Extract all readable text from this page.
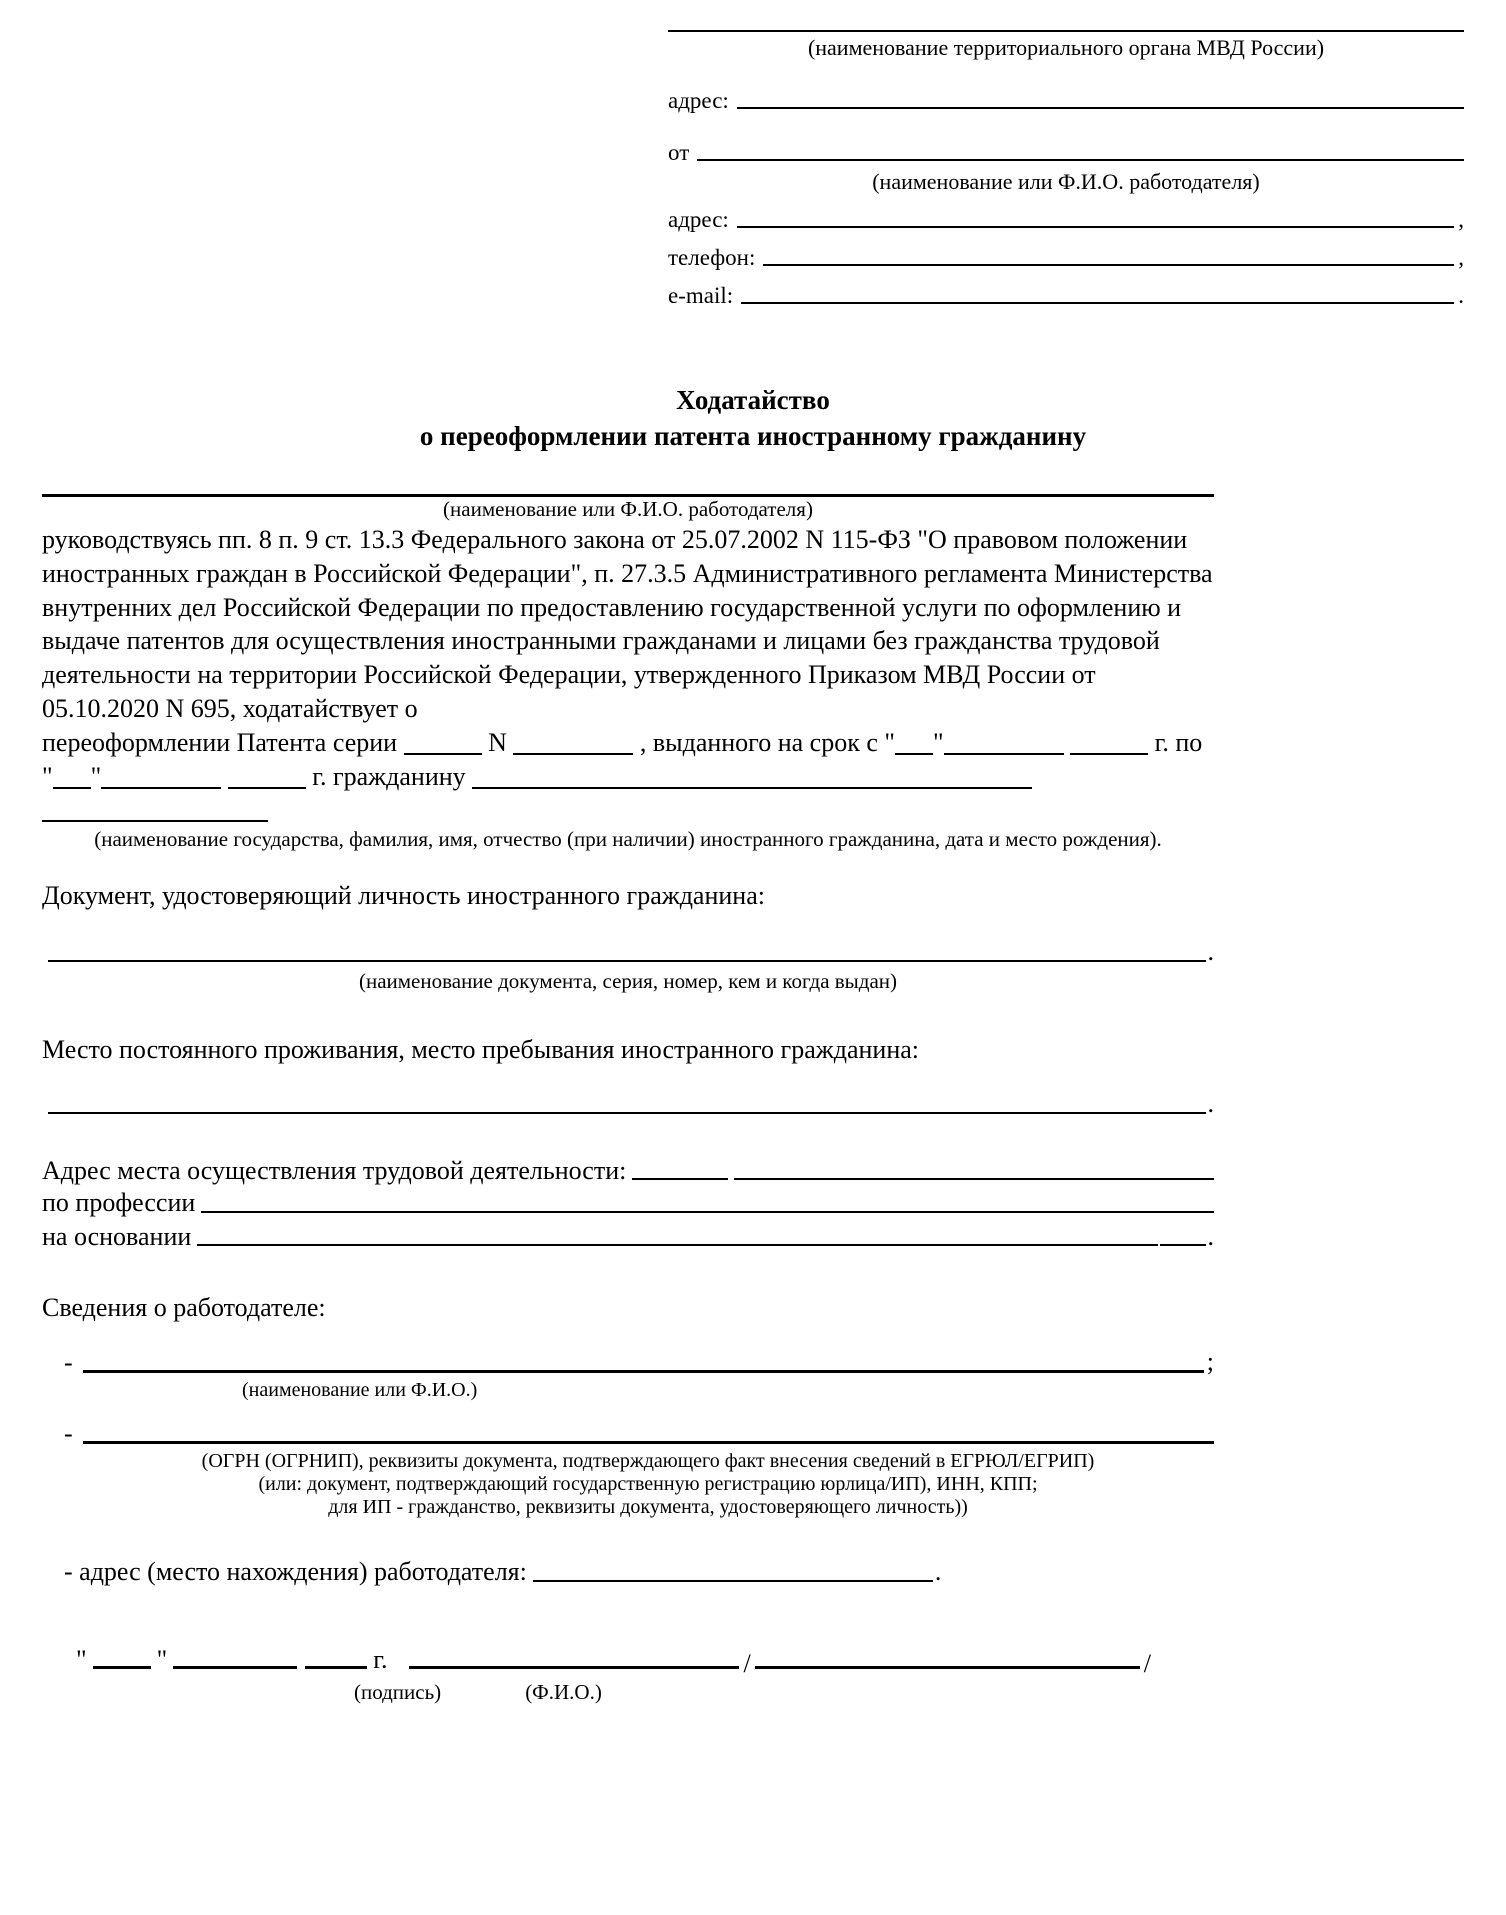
(наименование территориального органа МВД России)
адрес:
от
(наименование или Ф.И.О. работодателя)
адрес:	,
телефон:	,
e-mail:	.
Ходатайство
о переоформлении патента иностранному гражданину
(наименование или Ф.И.О. работодателя)
руководствуясь пп. 8 п. 9 ст. 13.3 Федерального закона от 25.07.2002 N 115-ФЗ "О правовом положении иностранных граждан в Российской Федерации", п. 27.3.5 Административного регламента Министерства внутренних дел Российской Федерации по предоставлению государственной услуги по оформлению и выдаче патентов для осуществления иностранными гражданами и лицами без гражданства трудовой деятельности на территории Российской Федерации, утвержденного Приказом МВД России от 05.10.2020 N 695, ходатайствует о
переоформлении Патента серии	N	, выданного на срок с " "	г. по
" "	г. гражданину
(наименование государства, фамилия, имя, отчество (при наличии) иностранного гражданина, дата и место рождения).
Документ, удостоверяющий личность иностранного гражданина:
.
(наименование документа, серия, номер, кем и когда выдан)
Место постоянного проживания, место пребывания иностранного гражданина:
.
Адрес места осуществления трудовой деятельности:
по профессии
на основании	.
Сведения о работодателе:
-	;
(наименование или Ф.И.О.)
-
(ОГРН (ОГРНИП), реквизиты документа, подтверждающего факт внесения сведений в ЕГРЮЛ/ЕГРИП)
(или: документ, подтверждающий государственную регистрацию юрлица/ИП), ИНН, КПП;
для ИП - гражданство, реквизиты документа, удостоверяющего личность))
- адрес (место нахождения) работодателя:	.
"	"	г.	/	/
(подпись)	(Ф.И.О.)
